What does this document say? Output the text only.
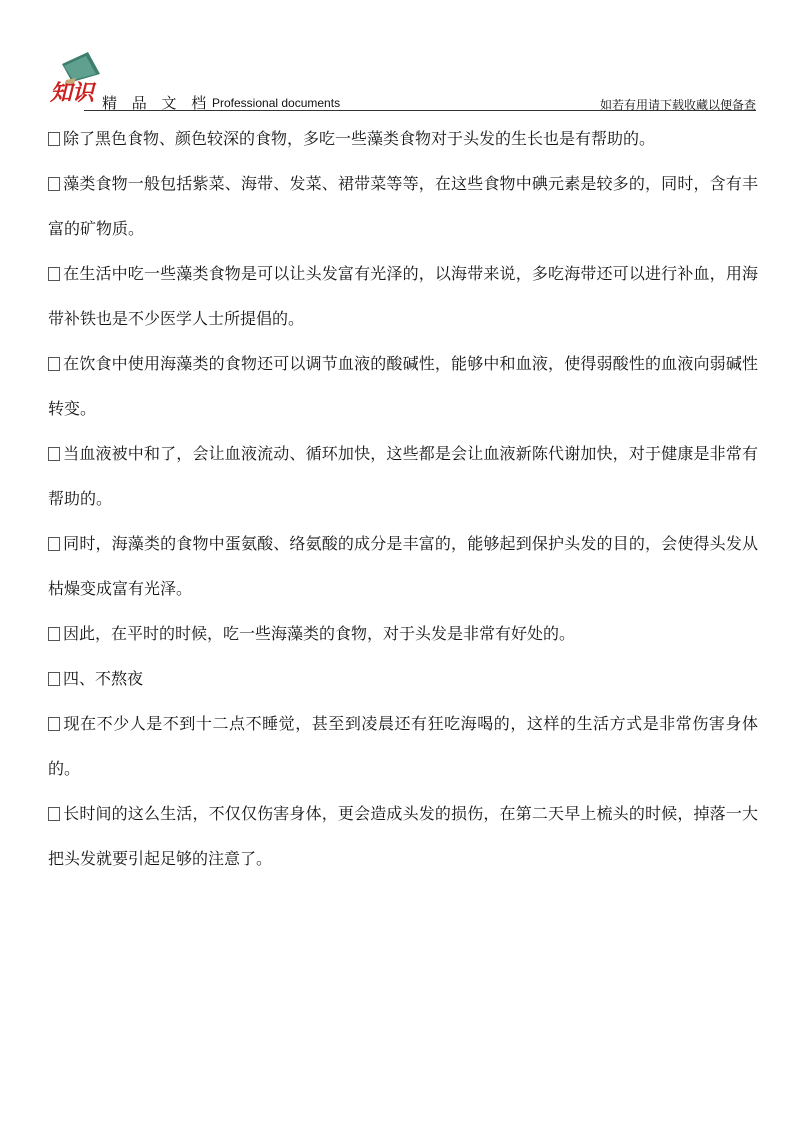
知识 精 品 文 档 Professional documents	如若有用请下载收藏以便备查

除了黑色食物、颜色较深的食物，多吃一些藻类食物对于头发的生长也是有帮助的。

藻类食物一般包括紫菜、海带、发菜、裙带菜等等，在这些食物中碘元素是较多的，同时，含有丰富的矿物质。

在生活中吃一些藻类食物是可以让头发富有光泽的，以海带来说，多吃海带还可以进行补血，用海带补铁也是不少医学人士所提倡的。

在饮食中使用海藻类的食物还可以调节血液的酸碱性，能够中和血液，使得弱酸性的血液向弱碱性转变。

当血液被中和了，会让血液流动、循环加快，这些都是会让血液新陈代谢加快，对于健康是非常有帮助的。

同时，海藻类的食物中蛋氨酸、络氨酸的成分是丰富的，能够起到保护头发的目的，会使得头发从枯燥变成富有光泽。

因此，在平时的时候，吃一些海藻类的食物，对于头发是非常有好处的。

四、不熬夜

现在不少人是不到十二点不睡觉，甚至到凌晨还有狂吃海喝的，这样的生活方式是非常伤害身体的。

长时间的这么生活，不仅仅伤害身体，更会造成头发的损伤，在第二天早上梳头的时候，掉落一大把头发就要引起足够的注意了。
